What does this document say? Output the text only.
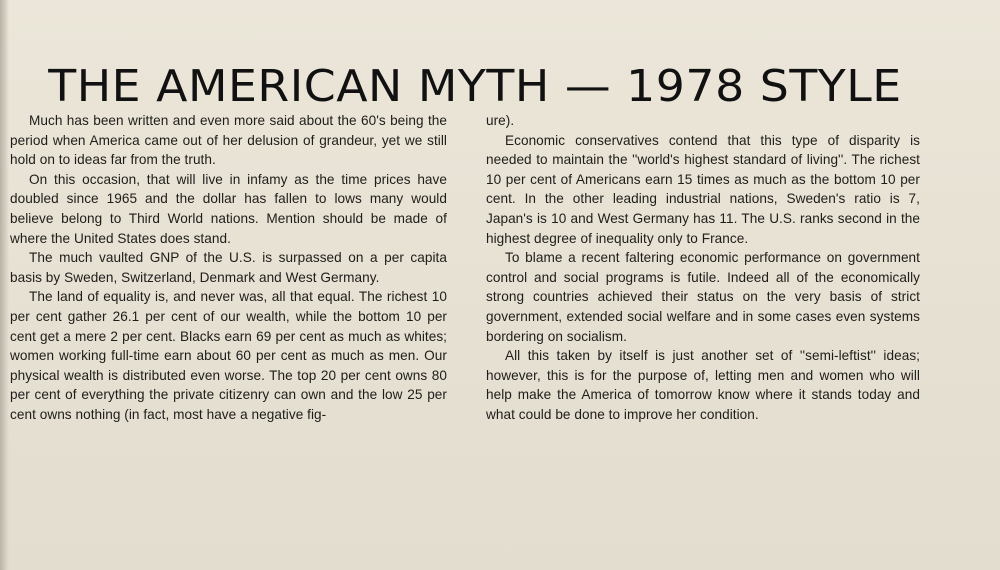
THE AMERICAN MYTH — 1978 STYLE

Much has been written and even more said about the 60's being the period when America came out of her delusion of grandeur, yet we still hold on to ideas far from the truth.

On this occasion, that will live in infamy as the time prices have doubled since 1965 and the dollar has fallen to lows many would believe belong to Third World nations. Mention should be made of where the United States does stand.

The much vaulted GNP of the U.S. is surpassed on a per capita basis by Sweden, Switzerland, Denmark and West Germany.

The land of equality is, and never was, all that equal. The richest 10 per cent gather 26.1 per cent of our wealth, while the bottom 10 per cent get a mere 2 per cent. Blacks earn 69 per cent as much as whites; women working full-time earn about 60 per cent as much as men. Our physical wealth is distributed even worse. The top 20 per cent owns 80 per cent of everything the private citizenry can own and the low 25 per cent owns nothing (in fact, most have a negative fig-

ure).

Economic conservatives contend that this type of disparity is needed to maintain the ''world's highest standard of living''. The richest 10 per cent of Americans earn 15 times as much as the bottom 10 per cent. In the other leading industrial nations, Sweden's ratio is 7, Japan's is 10 and West Germany has 11. The U.S. ranks second in the highest degree of inequality only to France.

To blame a recent faltering economic performance on government control and social programs is futile. Indeed all of the economically strong countries achieved their status on the very basis of strict government, extended social welfare and in some cases even systems bordering on socialism.

All this taken by itself is just another set of ''semi-leftist'' ideas; however, this is for the purpose of, letting men and women who will help make the America of tomorrow know where it stands today and what could be done to improve her condition.
